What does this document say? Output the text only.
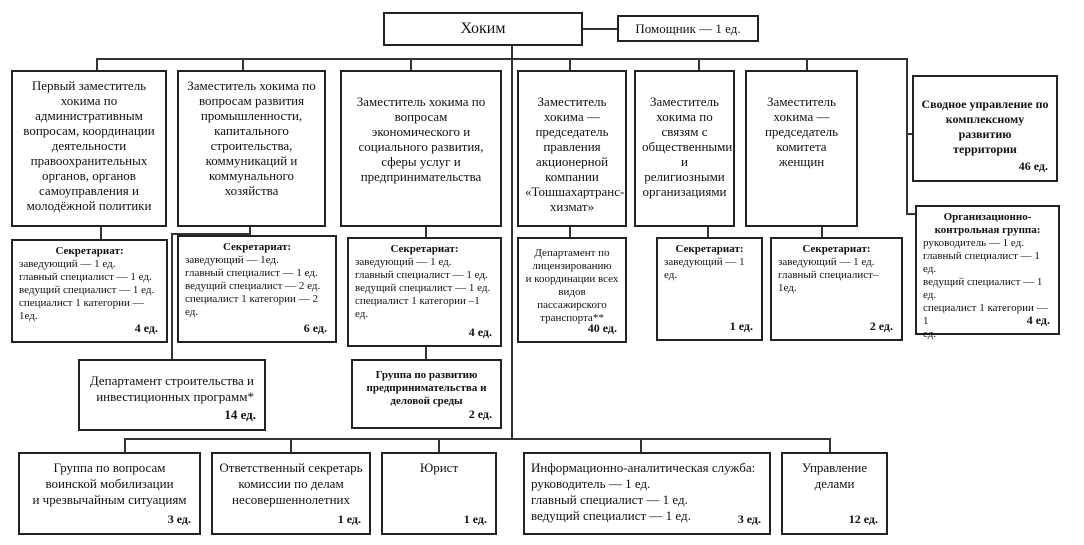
Хоким	Помощник — 1 ед.
Первый заместитель
хокима по
административным
вопросам, координации
деятельности
правоохранительных
органов, органов
самоуправления и
молодёжной политики
Заместитель хокима по
вопросам развития
промышленности,
капитального
строительства,
коммуникаций и
коммунального
хозяйства
Заместитель хокима по
вопросам
экономического и
социального развития,
сферы услуг и
предпринимательства
Заместитель
хокима —
председатель
правления
акционерной
компании
«Тошшахартранс-
хизмат»
Заместитель
хокима по
связям с
общественными
и религиозными
организациями
Заместитель
хокима —
председатель
комитета женщин
Сводное управление по
комплексному развитию
территории
46 ед.
Организационно-
контрольная группа:
руководитель — 1 ед.
главный специалист — 1 ед.
ведущий специалист — 1 ед.
специалист 1 категории — 1
ед.
4 ед.
Секретариат:
заведующий — 1 ед.
главный специалист — 1 ед.
ведущий специалист — 1 ед.
специалист 1 категории —
1ед.
4 ед.
Секретариат:
заведующий — 1ед.
главный специалист — 1 ед.
ведущий специалист — 2 ед.
специалист 1 категории — 2
ед.
6 ед.
Секретариат:
заведующий — 1 ед.
главный специалист — 1 ед.
ведущий специалист — 1 ед.
специалист 1 категории –1 ед.
4 ед.
Департамент по
лицензированию
и координации всех
видов пассажирского
транспорта**
40 ед.
Секретариат:
заведующий — 1
ед.
1 ед.
Секретариат:
заведующий — 1 ед.
главный специалист–1ед.
2 ед.
Департамент строительства и
инвестиционных программ*
14 ед.
Группа по развитию
предпринимательства и
деловой среды
2 ед.
Группа по вопросам
воинской мобилизации
и чрезвычайным ситуациям
3 ед.
Ответственный секретарь
комиссии по делам
несовершеннолетних
1 ед.
Юрист
1 ед.
Информационно-аналитическая служба:
руководитель — 1 ед.
главный специалист — 1 ед.
ведущий специалист — 1 ед.	3 ед.
Управление
делами
12 ед.
